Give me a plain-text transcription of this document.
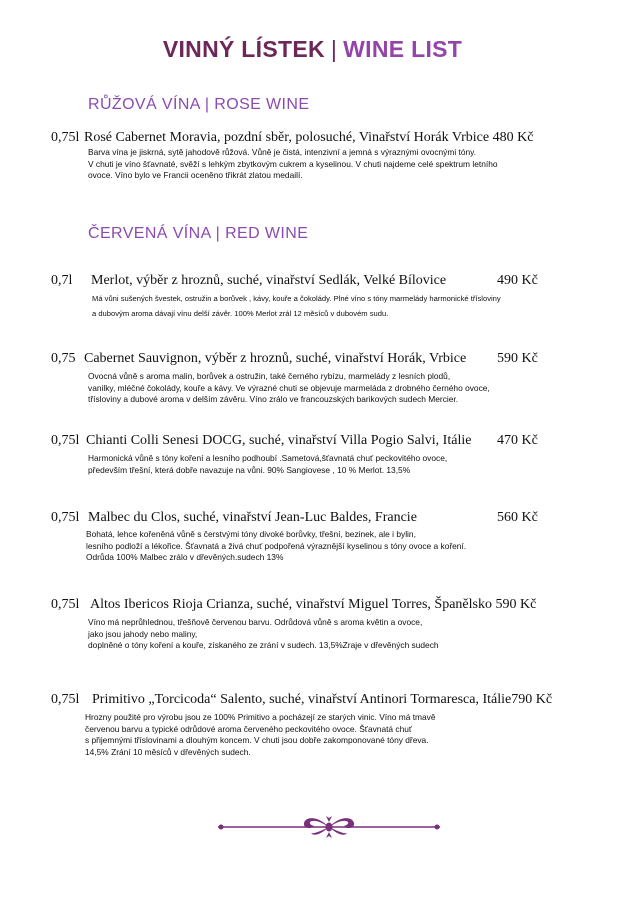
VINNÝ LÍSTEK | WINE LIST
RŮŽOVÁ VÍNA | ROSE WINE
0,75l Rosé Cabernet Moravia, pozdní sběr, polosuché, Vinařství Horák Vrbice 480 Kč
Barva vína je jiskrná, sytě jahodově růžová. Vůně je čistá, intenzivní a jemná s výraznými ovocnými tóny.
V chuti je víno šťavnaté, svěží s lehkým zbytkovým cukrem a kyselinou. V chuti najdeme celé spektrum letního
ovoce. Víno bylo ve Francii oceněno třikrát zlatou medailí.
ČERVENÁ VÍNA | RED WINE
0,7l Merlot, výběr z hroznů, suché, vinařství Sedlák, Velké Bílovice	490 Kč
Má vůni sušených švestek, ostružin a borůvek , kávy, kouře a čokolády. Plné víno s tóny marmelády harmonické třísloviny
a dubovým aroma dávají vínu delší závěr. 100% Merlot zrál 12 měsíců v dubovém sudu.
0,75 Cabernet Sauvignon, výběr z hroznů, suché, vinařství Horák, Vrbice 590 Kč
Ovocná vůně s aroma malin, borůvek a ostružin, také černého rybízu, marmelády z lesních plodů,
vanilky, mléčné čokolády, kouře a kávy. Ve výrazné chuti se objevuje marmeláda z drobného černého ovoce,
tříslovinу a dubové aroma v delším závěru. Víno zrálo ve francouzských barikových sudech Mercier.
0,75l Chianti Colli Senesi DOCG, suché, vinařství Villa Pogio Salvi, Itálie 470 Kč
Harmonická vůně s tóny koření a lesního podhoubí .Sametová,šťavnatá chuť peckovitého ovoce,
především třešní, která dobře navazuje na vůni. 90% Sangiovese , 10 % Merlot. 13,5%
0,75l Malbec du Clos, suché, vinařství Jean-Luc Baldes, Francie	560 Kč
Bohatá, lehce kořeněná vůně s čerstvými tóny divoké borůvky, třešní, bezinek, ale i bylin,
lesního podloží a lékořice. Šťavnatá a živá chuť podpořená výraznější kyselinou s tóny ovoce a koření.
Odrůda 100% Malbec zrálo v dřevěných.sudech 13%
0,75l Altos Ibericos Rioja Crianza, suché, vinařství Miguel Torres, Španělsko 590 Kč
Víno má neprůhlednou, třešňově červenou barvu. Odrůdová vůně s aroma květin a ovoce,
jako jsou jahody nebo maliny,
doplněné o tóny koření a kouře, získaného ze zrání v sudech. 13,5%Zraje v dřevěných sudech
0,75l Primitivo „Torcicoda“ Salento, suché, vinařství Antinori Tormaresca, Itálie790 Kč
Hrozny použité pro výrobu jsou ze 100% Primitivo a pocházejí ze starých vinic. Víno má tmavě
červenou barvu a typické odrůdové aroma červeného peckovitého ovoce. Šťavnatá chuť
s přijemnými tříslovinami a dlouhým koncem. V chuti jsou dobře zakomponované tóny dřeva.
14,5% Zrání 10 měsíců v dřevěných sudech.
